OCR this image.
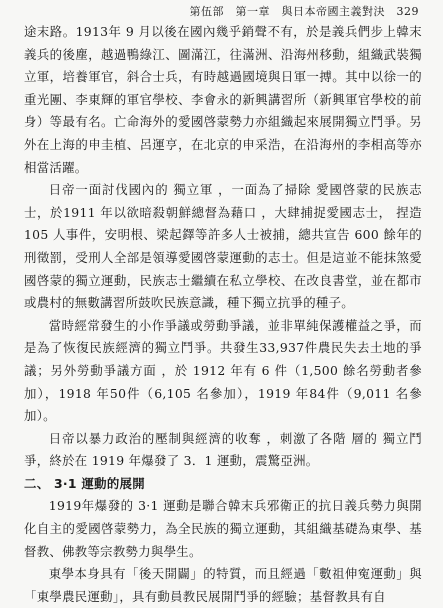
第伍部　第一章　與日本帝國主義對決　329

途末路。1913年 9 月以後在國內幾乎銷聲不有，於是義兵們步上韓末義兵的後塵，越過鴨綠江、圖滿江，往滿洲、沿海州移動，組織武裝獨立軍，培養軍官，斜合士兵，有時越過國境與日軍一搏。其中以徐一的重光團、李東輝的軍官學校、李會永的新興講習所（新興軍官學校的前身）等最有名。亡命海外的愛國啓蒙勢力亦組織起來展開獨立鬥爭。另外在上海的申圭植、呂運亨，在北京的申采浩，在沿海州的李相高等亦相當活躍。

日帝一面討伐國內的 獨立軍 ，一面為了掃除 愛國啓蒙的民族志士，於1911 年以欲暗殺朝鮮總督為藉口 ，大肆捕捉愛國志士， 捏造 105 人事件，安明根、梁起鐸等許多人士被捕，總共宣告 600 餘年的刑徵罰，受刑人全部是領導愛國啓蒙運動的志士。但是這並不能抹煞愛國啓蒙的獨立運動，民族志士繼續在私立學校、在改良書堂，並在都市或農村的無數講習所鼓吹民族意識，種下獨立抗爭的種子。

當時經常發生的小作爭議或勞動爭議，並非單純保護權益之爭，而是為了恢復民族經濟的獨立鬥爭。共發生33,937件農民失去土地的爭議；另外勞動爭議方面 ，於 1912 年有 6 件（1,500 餘名勞動者參加），1918 年50件（6,105 名參加），1919 年84件（9,011 名參加）。

日帝以暴力政治的壓制與經濟的收奪 ，刺激了各階 層的 獨立鬥爭，終於在 1919 年爆發了 3．1 運動，震驚亞洲。

二、 3·1 運動的展開

1919年爆發的 3·1 運動是聯合韓末兵邪衛正的抗日義兵勢力與開化自主的愛國啓蒙勢力，為全民族的獨立運動，其組織基礎為東學、基督教、佛教等宗教勢力與學生。

東學本身具有「後天開闢」的特質，而且經過「數祖伸寃運動」與「東學農民運動」，具有動員教民展開鬥爭的經驗；基督教具有自
